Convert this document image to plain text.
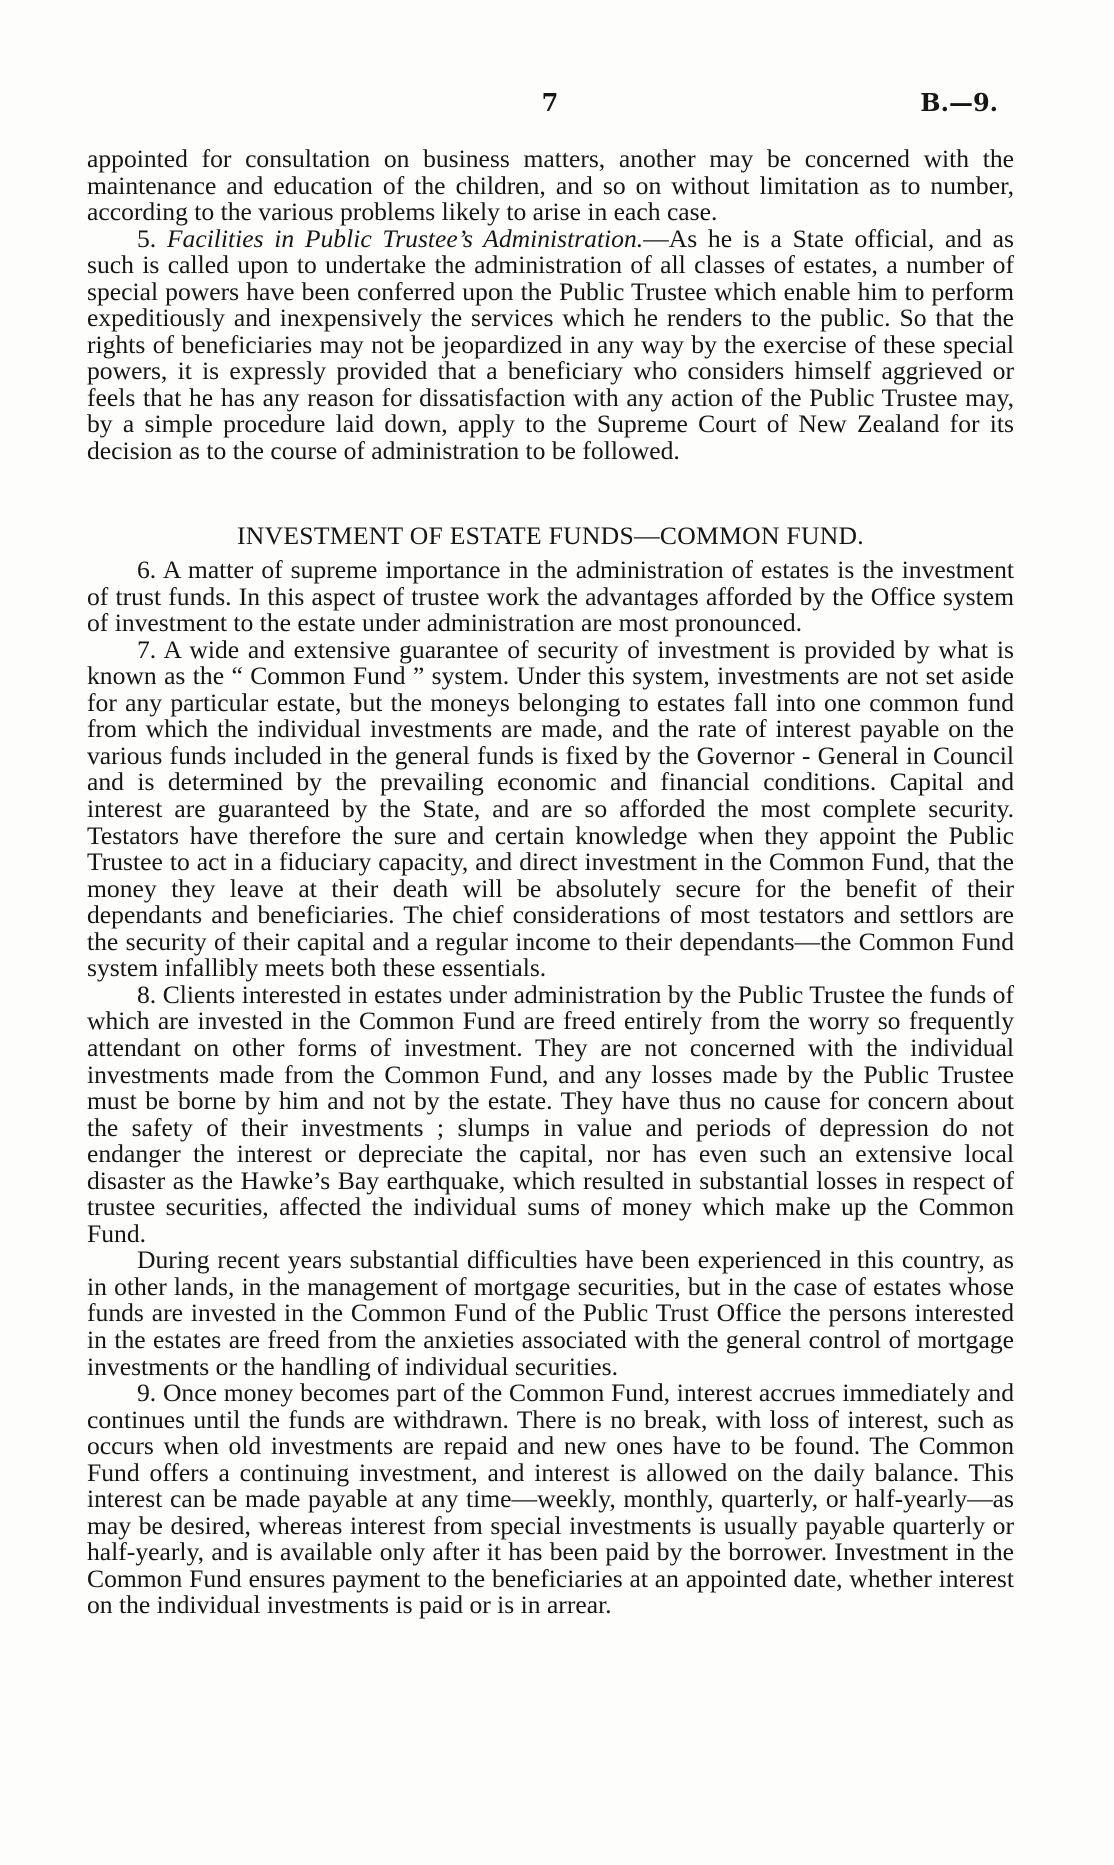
7	B.—9.

appointed for consultation on business matters, another may be concerned with the maintenance and education of the children, and so on without limitation as to number, according to the various problems likely to arise in each case.

5. Facilities in Public Trustee’s Administration.—As he is a State official, and as such is called upon to undertake the administration of all classes of estates, a number of special powers have been conferred upon the Public Trustee which enable him to perform expeditiously and inexpensively the services which he renders to the public. So that the rights of beneficiaries may not be jeopardized in any way by the exercise of these special powers, it is expressly provided that a beneficiary who considers himself aggrieved or feels that he has any reason for dissatisfaction with any action of the Public Trustee may, by a simple procedure laid down, apply to the Supreme Court of New Zealand for its decision as to the course of administration to be followed.

INVESTMENT OF ESTATE FUNDS—COMMON FUND.

6. A matter of supreme importance in the administration of estates is the investment of trust funds. In this aspect of trustee work the advantages afforded by the Office system of investment to the estate under administration are most pronounced.

7. A wide and extensive guarantee of security of investment is provided by what is known as the “ Common Fund ” system. Under this system, investments are not set aside for any particular estate, but the moneys belonging to estates fall into one common fund from which the individual investments are made, and the rate of interest payable on the various funds included in the general funds is fixed by the Governor - General in Council and is determined by the prevailing economic and financial conditions. Capital and interest are guaranteed by the State, and are so afforded the most complete security. Testators have therefore the sure and certain knowledge when they appoint the Public Trustee to act in a fiduciary capacity, and direct investment in the Common Fund, that the money they leave at their death will be absolutely secure for the benefit of their dependants and beneficiaries. The chief considerations of most testators and settlors are the security of their capital and a regular income to their dependants—the Common Fund system infallibly meets both these essentials.

8. Clients interested in estates under administration by the Public Trustee the funds of which are invested in the Common Fund are freed entirely from the worry so frequently attendant on other forms of investment. They are not concerned with the individual investments made from the Common Fund, and any losses made by the Public Trustee must be borne by him and not by the estate. They have thus no cause for concern about the safety of their investments ; slumps in value and periods of depression do not endanger the interest or depreciate the capital, nor has even such an extensive local disaster as the Hawke’s Bay earthquake, which resulted in substantial losses in respect of trustee securities, affected the individual sums of money which make up the Common Fund.

During recent years substantial difficulties have been experienced in this country, as in other lands, in the management of mortgage securities, but in the case of estates whose funds are invested in the Common Fund of the Public Trust Office the persons interested in the estates are freed from the anxieties associated with the general control of mortgage investments or the handling of individual securities.

9. Once money becomes part of the Common Fund, interest accrues immediately and continues until the funds are withdrawn. There is no break, with loss of interest, such as occurs when old investments are repaid and new ones have to be found. The Common Fund offers a continuing investment, and interest is allowed on the daily balance. This interest can be made payable at any time—weekly, monthly, quarterly, or half-yearly—as may be desired, whereas interest from special investments is usually payable quarterly or half-yearly, and is available only after it has been paid by the borrower. Investment in the Common Fund ensures payment to the beneficiaries at an appointed date, whether interest on the individual investments is paid or is in arrear.
